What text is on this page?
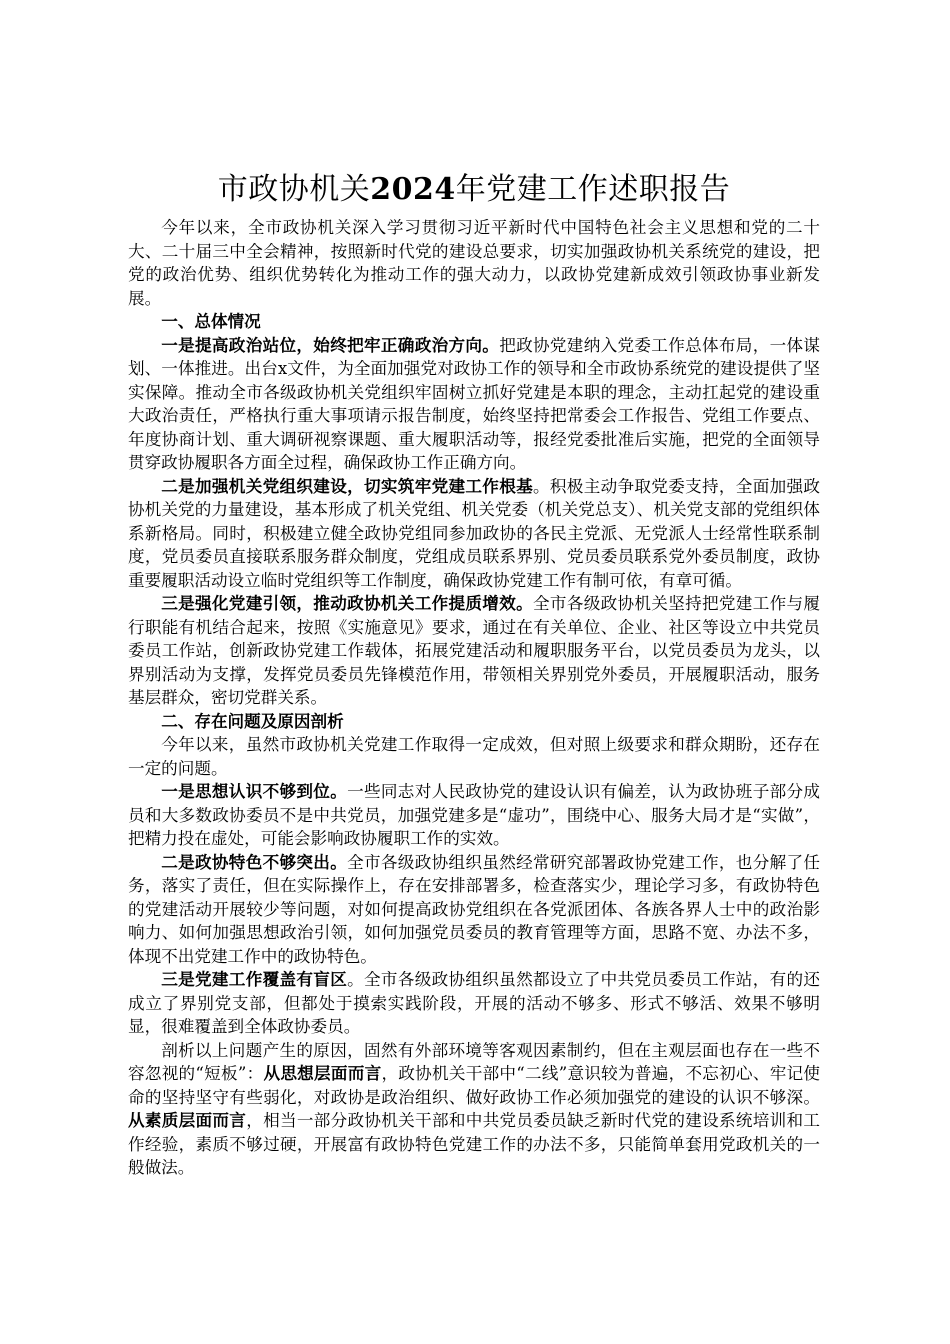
市政协机关2024年党建工作述职报告

今年以来，全市政协机关深入学习贯彻习近平新时代中国特色社会主义思想和党的二十大、二十届三中全会精神，按照新时代党的建设总要求，切实加强政协机关系统党的建设，把党的政治优势、组织优势转化为推动工作的强大动力，以政协党建新成效引领政协事业新发展。

一、总体情况

一是提高政治站位，始终把牢正确政治方向。把政协党建纳入党委工作总体布局，一体谋划、一体推进。出台x文件，为全面加强党对政协工作的领导和全市政协系统党的建设提供了坚实保障。推动全市各级政协机关党组织牢固树立抓好党建是本职的理念，主动扛起党的建设重大政治责任，严格执行重大事项请示报告制度，始终坚持把常委会工作报告、党组工作要点、年度协商计划、重大调研视察课题、重大履职活动等，报经党委批准后实施，把党的全面领导贯穿政协履职各方面全过程，确保政协工作正确方向。

二是加强机关党组织建设，切实筑牢党建工作根基。积极主动争取党委支持，全面加强政协机关党的力量建设，基本形成了机关党组、机关党委（机关党总支）、机关党支部的党组织体系新格局。同时，积极建立健全政协党组同参加政协的各民主党派、无党派人士经常性联系制度，党员委员直接联系服务群众制度，党组成员联系界别、党员委员联系党外委员制度，政协重要履职活动设立临时党组织等工作制度，确保政协党建工作有制可依，有章可循。

三是强化党建引领，推动政协机关工作提质增效。全市各级政协机关坚持把党建工作与履行职能有机结合起来，按照《实施意见》要求，通过在有关单位、企业、社区等设立中共党员委员工作站，创新政协党建工作载体，拓展党建活动和履职服务平台，以党员委员为龙头，以界别活动为支撑，发挥党员委员先锋模范作用，带领相关界别党外委员，开展履职活动，服务基层群众，密切党群关系。

二、存在问题及原因剖析

今年以来，虽然市政协机关党建工作取得一定成效，但对照上级要求和群众期盼，还存在一定的问题。

一是思想认识不够到位。一些同志对人民政协党的建设认识有偏差，认为政协班子部分成员和大多数政协委员不是中共党员，加强党建多是“虚功”，围绕中心、服务大局才是“实做”，把精力投在虚处，可能会影响政协履职工作的实效。

二是政协特色不够突出。全市各级政协组织虽然经常研究部署政协党建工作，也分解了任务，落实了责任，但在实际操作上，存在安排部署多，检查落实少，理论学习多，有政协特色的党建活动开展较少等问题，对如何提高政协党组织在各党派团体、各族各界人士中的政治影响力、如何加强思想政治引领，如何加强党员委员的教育管理等方面，思路不宽、办法不多，体现不出党建工作中的政协特色。

三是党建工作覆盖有盲区。全市各级政协组织虽然都设立了中共党员委员工作站，有的还成立了界别党支部，但都处于摸索实践阶段，开展的活动不够多、形式不够活、效果不够明显，很难覆盖到全体政协委员。

剖析以上问题产生的原因，固然有外部环境等客观因素制约，但在主观层面也存在一些不容忽视的“短板”：从思想层面而言，政协机关干部中“二线”意识较为普遍，不忘初心、牢记使命的坚持坚守有些弱化，对政协是政治组织、做好政协工作必须加强党的建设的认识不够深。从素质层面而言，相当一部分政协机关干部和中共党员委员缺乏新时代党的建设系统培训和工作经验，素质不够过硬，开展富有政协特色党建工作的办法不多，只能简单套用党政机关的一般做法。
